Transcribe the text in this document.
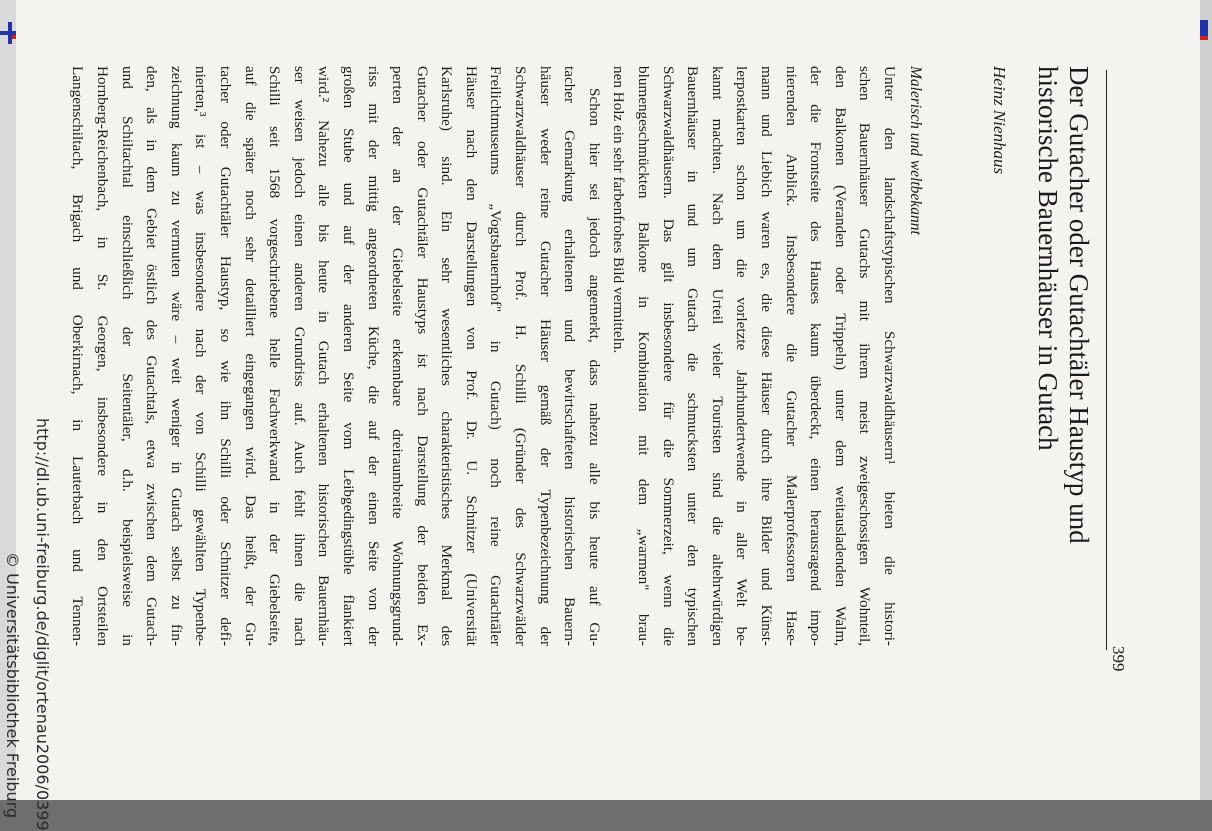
399
Der Gutacher oder Gutachtäler Haustyp und
historische Bauernhäuser in Gutach
Heinz Nienhaus
Malerisch und weltbekannt
Unter den landschaftstypischen Schwarzwaldhäusern¹ bieten die histori-
schen Bauernhäuser Gutachs mit ihrem meist zweigeschossigen Wohnteil,
den Balkonen (Veranden oder Trippeln) unter dem weitausladenden Walm,
der die Frontseite des Hauses kaum überdeckt, einen herausragend impo-
nierenden Anblick. Insbesondere die Gutacher Malerprofessoren Hase-
mann und Liebich waren es, die diese Häuser durch ihre Bilder und Künst-
lerpostkarten schon um die vorletzte Jahrhundertwende in aller Welt be-
kannt machten. Nach dem Urteil vieler Touristen sind die altehrwürdigen
Bauernhäuser in und um Gutach die schmucksten unter den typischen
Schwarzwaldhäusern. Das gilt insbesondere für die Sommerzeit, wenn die
blumengeschmückten Balkone in Kombination mit dem „warmen" brau-
nen Holz ein sehr farbenfrohes Bild vermitteln.
Schon hier sei jedoch angemerkt, dass nahezu alle bis heute auf Gu-
tacher Gemarkung erhaltenen und bewirtschafteten historischen Bauern-
häuser weder reine Gutacher Häuser gemäß der Typenbezeichnung der
Schwarzwaldhäuser durch Prof. H. Schilli (Gründer des Schwarzwälder
Freilichtmuseums „Vogtsbauernhof" in Gutach) noch reine Gutachtäler
Häuser nach den Darstellungen von Prof. Dr. U. Schnitzer (Universität
Karlsruhe) sind. Ein sehr wesentliches charakteristisches Merkmal des
Gutacher oder Gutachtäler Haustyps ist nach Darstellung der beiden Ex-
perten der an der Giebelseite erkennbare dreiraumbreite Wohnungsgrund-
riss mit der mittig angeordneten Küche, die auf der einen Seite von der
großen Stube und auf der anderen Seite vom Leibgedingstüble flankiert
wird.² Nahezu alle bis heute in Gutach erhaltenen historischen Bauernhäu-
ser weisen jedoch einen anderen Grundriss auf. Auch fehlt ihnen die nach
Schilli seit 1568 vorgeschriebene helle Fachwerkwand in der Giebelseite,
auf die später noch sehr detailliert eingegangen wird. Das heißt, der Gu-
tacher oder Gutachtäler Haustyp, so wie ihn Schilli oder Schnitzer defi-
nierten,³ ist – was insbesondere nach der von Schilli gewählten Typenbe-
zeichnung kaum zu vermuten wäre – weit weniger in Gutach selbst zu fin-
den, als in dem Gebiet östlich des Gutachtals, etwa zwischen dem Gutach-
und Schiltachtal einschließlich der Seitentäler, d.h. beispielsweise in
Hornberg-Reichenbach, in St. Georgen, insbesondere in den Ortsteilen
Langenschiltach, Brigach und Oberkirnach, in Lauterbach und Tennen-
http://dl.ub.uni-freiburg.de/diglit/ortenau2006/0399
© Universitätsbibliothek Freiburg
